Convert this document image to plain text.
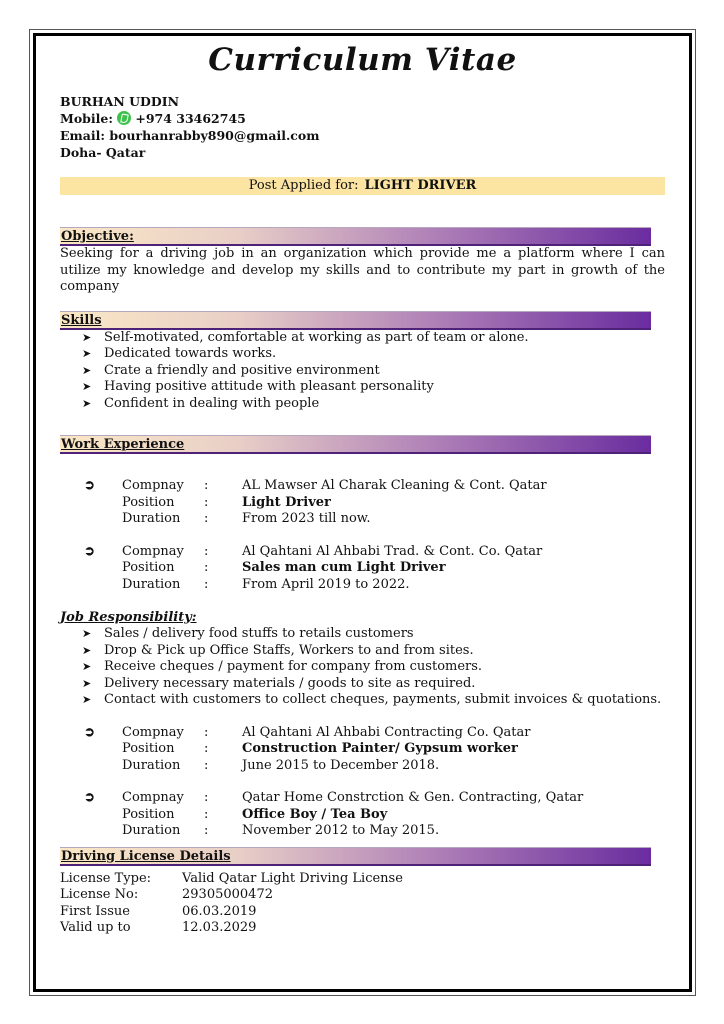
Curriculum Vitae
BURHAN UDDIN
Mobile: +974 33462745
Email: bourhanrabby890@gmail.com
Doha- Qatar
Post Applied for: LIGHT DRIVER
Objective:
Seeking for a driving job in an organization which provide me a platform where I can utilize my knowledge and develop my skills and to contribute my part in growth of the company
Skills
➤ Self-motivated, comfortable at working as part of team or alone.
➤ Dedicated towards works.
➤ Crate a friendly and positive environment
➤ Having positive attitude with pleasant personality
➤ Confident in dealing with people
Work Experience
➲ Compnay	:	AL Mawser Al Charak Cleaning & Cont. Qatar
Position	:	Light Driver
Duration	:	From 2023 till now.
➲ Compnay	:	Al Qahtani Al Ahbabi Trad. & Cont. Co. Qatar
Position	:	Sales man cum Light Driver
Duration	:	From April 2019 to 2022.
Job Responsibility:
➤ Sales / delivery food stuffs to retails customers
➤ Drop & Pick up Office Staffs, Workers to and from sites.
➤ Receive cheques / payment for company from customers.
➤ Delivery necessary materials / goods to site as required.
➤ Contact with customers to collect cheques, payments, submit invoices & quotations.
➲ Compnay	:	Al Qahtani Al Ahbabi Contracting Co. Qatar
Position	:	Construction Painter/ Gypsum worker
Duration	:	June 2015 to December 2018.
➲ Compnay	:	Qatar Home Constrction & Gen. Contracting, Qatar
Position	:	Office Boy / Tea Boy
Duration	:	November 2012 to May 2015.
Driving License Details
License Type:	Valid Qatar Light Driving License
License No:	29305000472
First Issue	06.03.2019
Valid up to	12.03.2029
